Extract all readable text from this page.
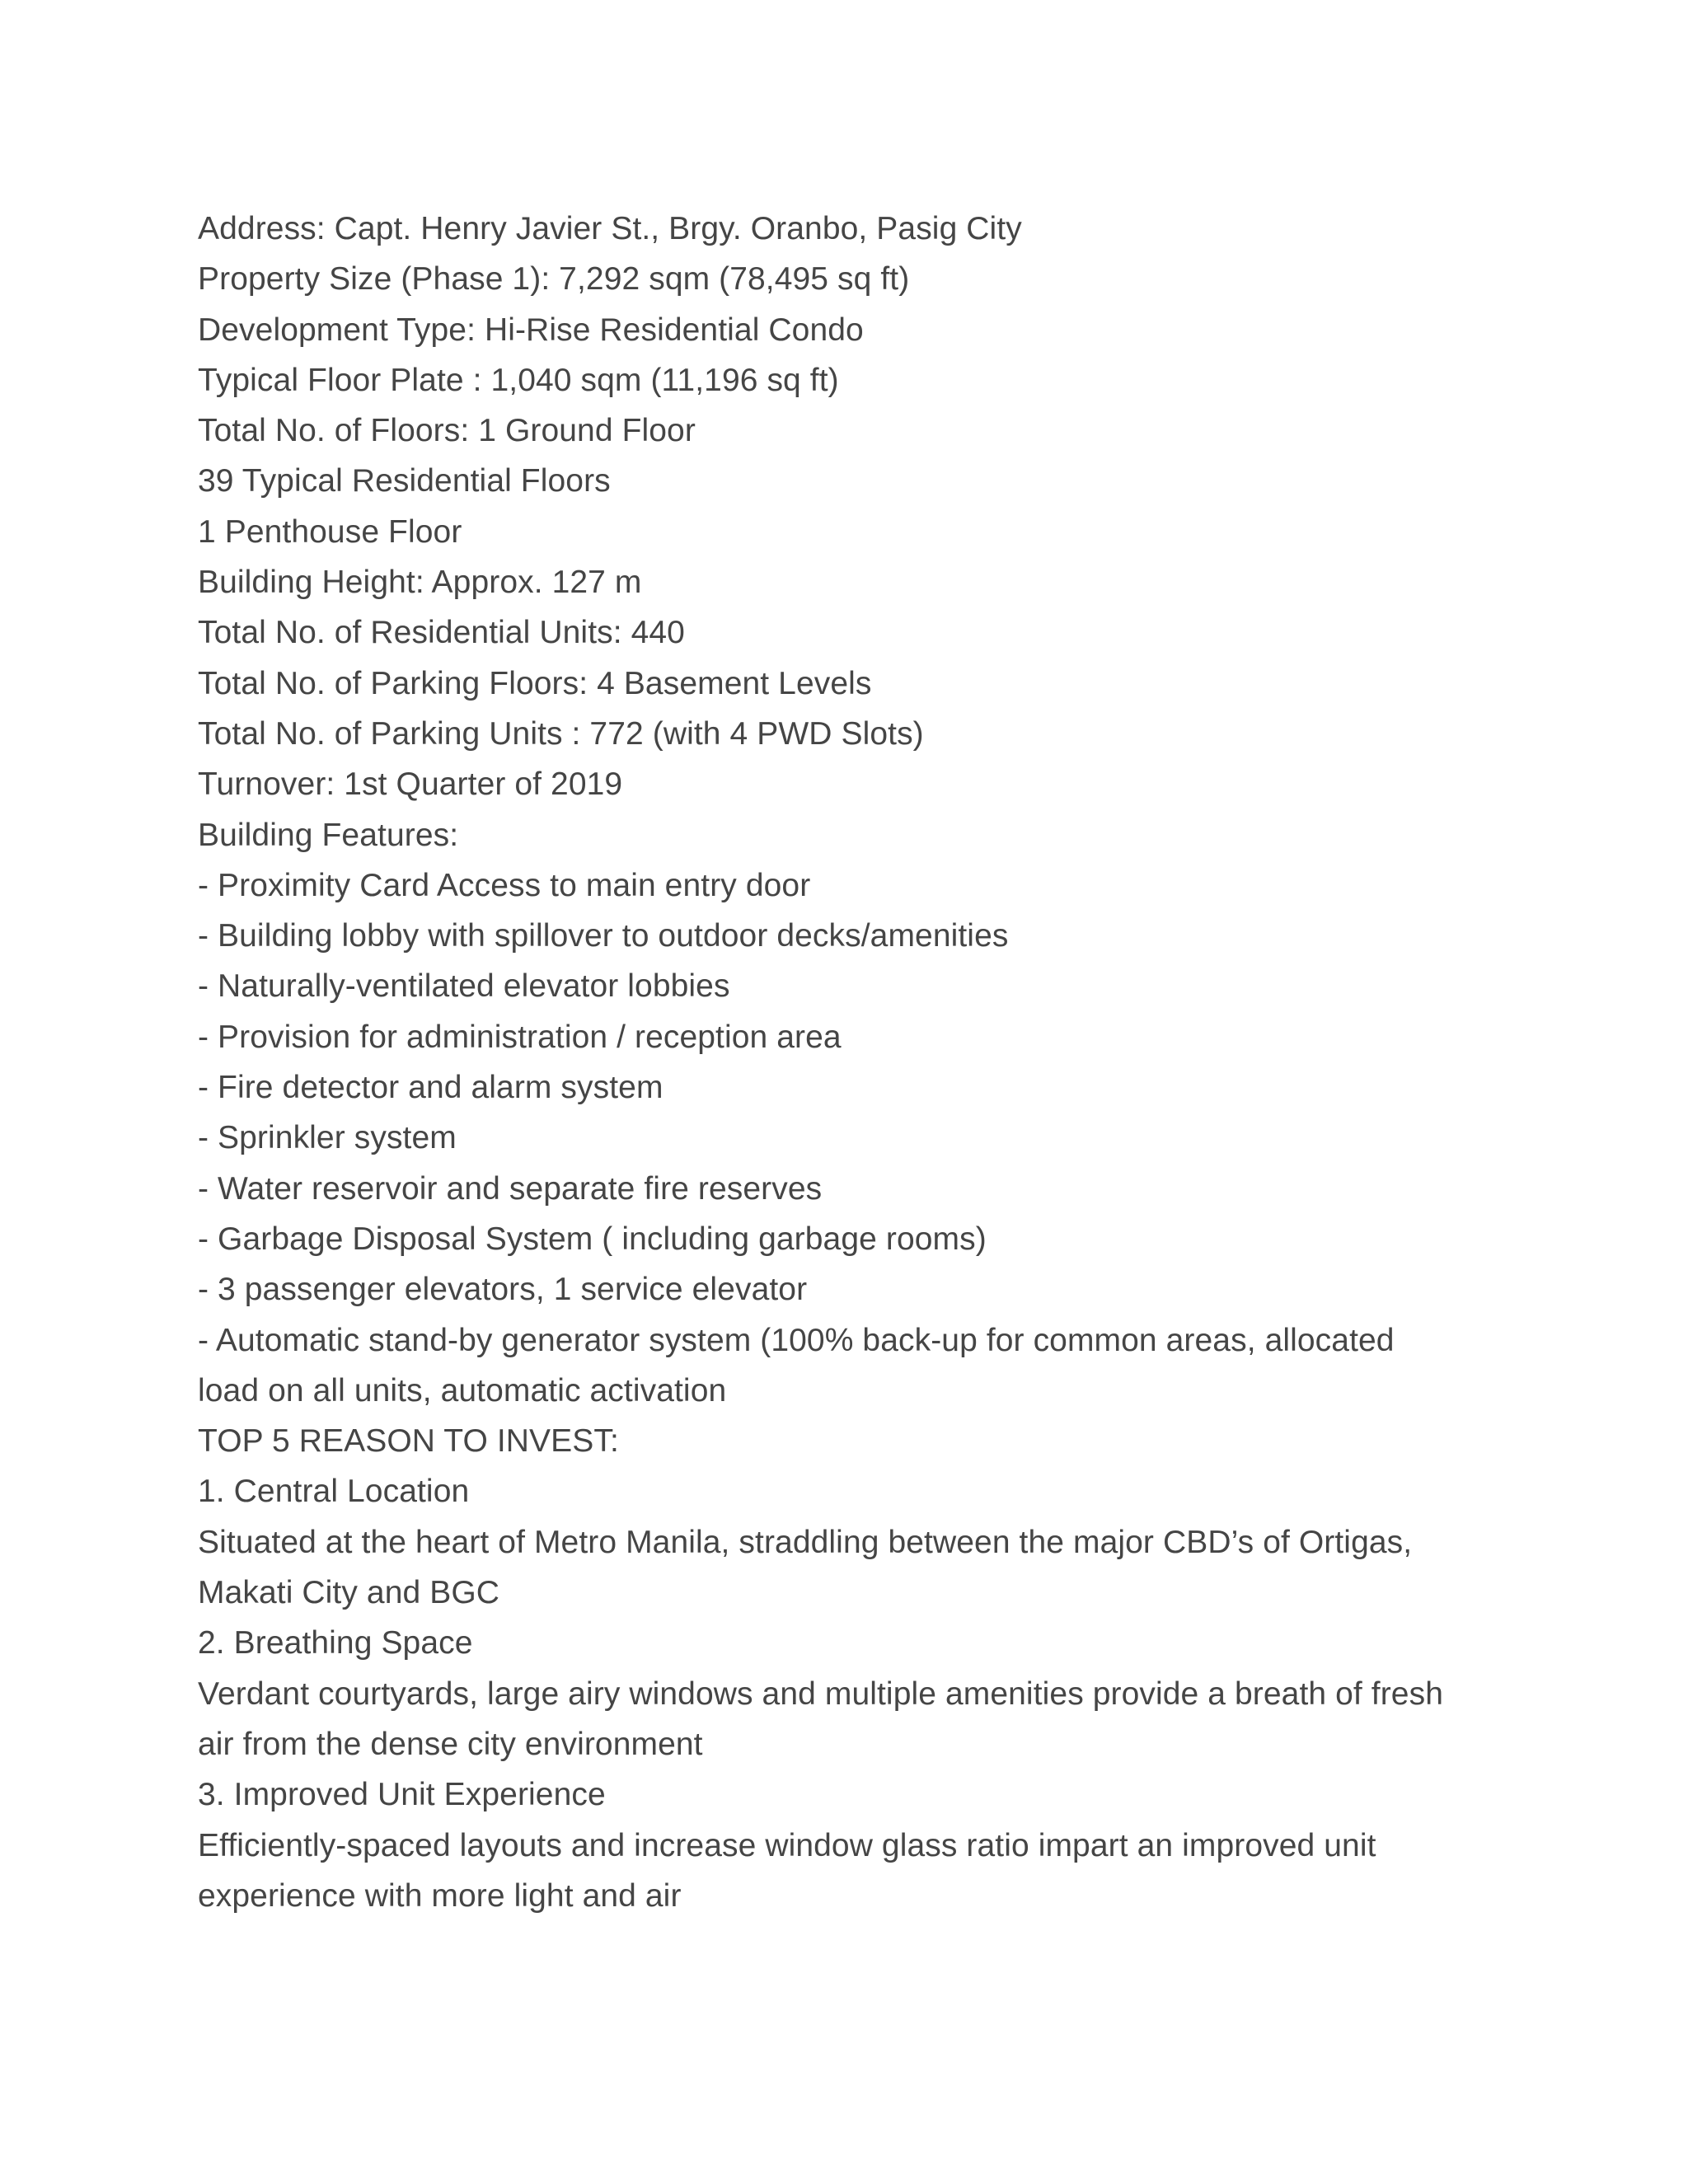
Address: Capt. Henry Javier St., Brgy. Oranbo, Pasig City
Property Size (Phase 1): 7,292 sqm (78,495 sq ft)
Development Type: Hi-Rise Residential Condo
Typical Floor Plate : 1,040 sqm (11,196 sq ft)
Total No. of Floors: 1 Ground Floor
39 Typical Residential Floors
1 Penthouse Floor
Building Height: Approx. 127 m
Total No. of Residential Units: 440
Total No. of Parking Floors: 4 Basement Levels
Total No. of Parking Units : 772 (with 4 PWD Slots)
Turnover: 1st Quarter of 2019
Building Features:
- Proximity Card Access to main entry door
- Building lobby with spillover to outdoor decks/amenities
- Naturally-ventilated elevator lobbies
- Provision for administration / reception area
- Fire detector and alarm system
- Sprinkler system
- Water reservoir and separate fire reserves
- Garbage Disposal System ( including garbage rooms)
- 3 passenger elevators, 1 service elevator
- Automatic stand-by generator system (100% back-up for common areas, allocated
load on all units, automatic activation
TOP 5 REASON TO INVEST:
1. Central Location
Situated at the heart of Metro Manila, straddling between the major CBD’s of Ortigas,
Makati City and BGC
2. Breathing Space
Verdant courtyards, large airy windows and multiple amenities provide a breath of fresh
air from the dense city environment
3. Improved Unit Experience
Efficiently-spaced layouts and increase window glass ratio impart an improved unit
experience with more light and air
